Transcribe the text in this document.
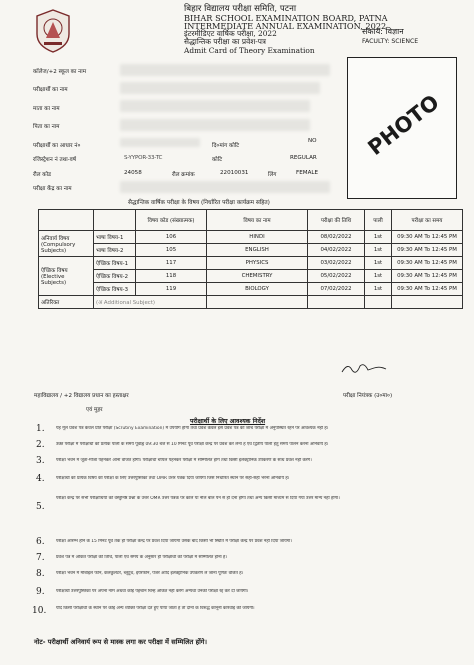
बिहार विद्यालय परीक्षा समिति, पटना
BIHAR SCHOOL EXAMINATION BOARD, PATNA
INTERMEDIATE ANNUAL EXAMINATION, 2022
इंटरमीडिएट वार्षिक परीक्षा, 2022
सैद्धान्तिक परीक्षा का प्रवेश-पत्र
Admit Card of Theory Examination
संकाय: विज्ञान
FACULTY: SCIENCE
PHOTO
कॉलेज/+2 स्कूल का नाम
परीक्षार्थी का नाम
माता का नाम
पिता का नाम
परीक्षार्थी का आधार नं०
रजिस्ट्रेशन नं तथा-वर्ष
रौल कोड
परीक्षा केंद्र का नाम
दि०मांग कोटि
NO
S-YYPOR-33-TC	कोटि	REGULAR
24058	रौल क्रमांक	22010031	लिंग	FEMALE
सैद्धान्तिक वार्षिक परीक्षा के विषय (निर्धारित परीक्षा कार्यक्रम सहित)
		विषय कोड (संख्यात्मक)	विषय का नाम	परीक्षा की तिथि	पाली	परीक्षा का समय

अनिवार्य विषय
(Compulsory Subjects)	भाषा विषय-1	106	HINDI	08/02/2022	1st	09:30 AM To 12:45 PM
	भाषा विषय-2	105	ENGLISH	04/02/2022	1st	09:30 AM To 12:45 PM

ऐच्छिक विषय
(Elective Subjects)	ऐच्छिक विषय-1	117	PHYSICS	03/02/2022	1st	09:30 AM To 12:45 PM
	ऐच्छिक विषय-2	118	CHEMISTRY	05/02/2022	1st	09:30 AM To 12:45 PM
	ऐच्छिक विषय-3	119	BIOLOGY	07/02/2022	1st	09:30 AM To 12:45 PM
अतिरिक्त	(अ Additional Subject)					
महाविद्यालय / +2 विद्यालय प्रधान का हस्ताक्षर
एवं मुहर
परीक्षा नियंत्रक (उ०मा०)
परीक्षार्थी के लिए आवश्यक निर्देश
1.	यह मूल प्रवेश पत्र केवल प्रति परीक्षा (Scrutiny Examination) में उपयोग होगा तथा प्रवेश केवल इस प्रवेश पत्र की जाँच परीक्षा में अनुपस्थित रहने पर आवश्यक नहीं है।
2.	उक्त परीक्षा में परीक्षार्थी को प्रत्येक पाली के समय पूर्वाह्न 09:30 बजे से 10 मिनट पूर्व परीक्षा केन्द्र पर प्रवेश कर लेना है एवं द्वितीय पाली हेतु समय पालन करना अनिवार्य है।
3.	परीक्षा भवन में जूता-मोजा पहनकर आना वर्जित होगी। परीक्षार्थी चप्पल पहनकर परीक्षा में सम्मिलित होंगे तथा किसी इलेक्ट्रॉनिक उपकरण के साथ प्रवेश नहीं करेंगे।
4.	परीक्षार्थी को प्रत्येक विषय की परीक्षा के लिए उत्तरपुस्तिका तथा OMR उत्तर पत्रक दिया जायेगा जिसे निर्धारित स्थान पर सही-सही भरना अनिवार्य है।
5.
परीक्षा केन्द्र पर सभी परीक्षार्थियों को वस्तुनिष्ठ प्रश्नों के उत्तर OMR उत्तर पत्रक पर काले या नीले बॉल पेन से ही देना होगा तथा अन्य किसी माध्यम से दिया गया उत्तर मान्य नहीं होगा।
6.	परीक्षा आरम्भ होने के 15 मिनट पूर्व तक ही परीक्षा केन्द्र पर प्रवेश दिया जायेगा उसके बाद किसी भी स्थिति में परीक्षा केन्द्र पर प्रवेश नहीं दिया जायेगा।
7.	प्रवेश पत्र में अंकित परीक्षा की तिथि, पाली एवं समय के अनुसार ही परीक्षार्थी को परीक्षा में सम्मिलित होना है।
8.	परीक्षा भवन में मोबाइल फोन, कैलकुलेटर, ब्लूटूथ, इयरफोन, पेजर आदि इलेक्ट्रॉनिक उपकरण ले जाना पूर्णतः वर्जित है।
9.	परीक्षार्थी उत्तरपुस्तिका पर अपना नाम अथवा कोई पहचान चिन्ह अंकित नहीं करेंगे अन्यथा उनकी परीक्षा रद्द कर दी जायेगी।
10. यदि किसी परीक्षार्थी के स्थान पर कोई अन्य व्यक्ति परीक्षा देते हुए पाया जाता है तो दोनों के विरुद्ध कानूनी कार्रवाई की जायेगी।
नोट- परीक्षार्थी अनिवार्य रूप से मास्क लगा कर परीक्षा में सम्मिलित होंगे।
